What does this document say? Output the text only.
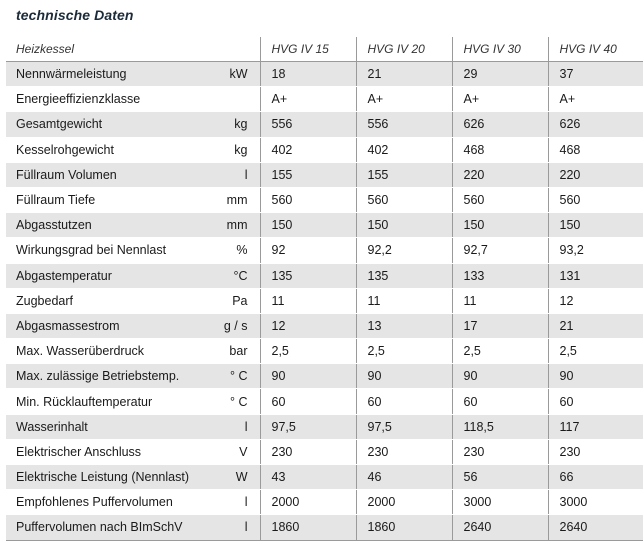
technische Daten
Heizkessel		HVG IV 15	HVG IV 20	HVG IV 30	HVG IV 40
Nennwärmeleistung	kW	18	21	29	37
Energieeffizienzklasse		A+	A+	A+	A+
Gesamtgewicht	kg	556	556	626	626
Kesselrohgewicht	kg	402	402	468	468
Füllraum Volumen	l	155	155	220	220
Füllraum Tiefe	mm	560	560	560	560
Abgasstutzen	mm	150	150	150	150
Wirkungsgrad bei Nennlast	%	92	92,2	92,7	93,2
Abgastemperatur	°C	135	135	133	131
Zugbedarf	Pa	11	11	11	12
Abgasmassestrom	g / s	12	13	17	21
Max. Wasserüberdruck	bar	2,5	2,5	2,5	2,5
Max. zulässige Betriebstemp.	° C	90	90	90	90
Min. Rücklauftemperatur	° C	60	60	60	60
Wasserinhalt	l	97,5	97,5	118,5	117
Elektrischer Anschluss	V	230	230	230	230
Elektrische Leistung (Nennlast)	W	43	46	56	66
Empfohlenes Puffervolumen	l	2000	2000	3000	3000
Puffervolumen nach BImSchV	l	1860	1860	2640	2640
